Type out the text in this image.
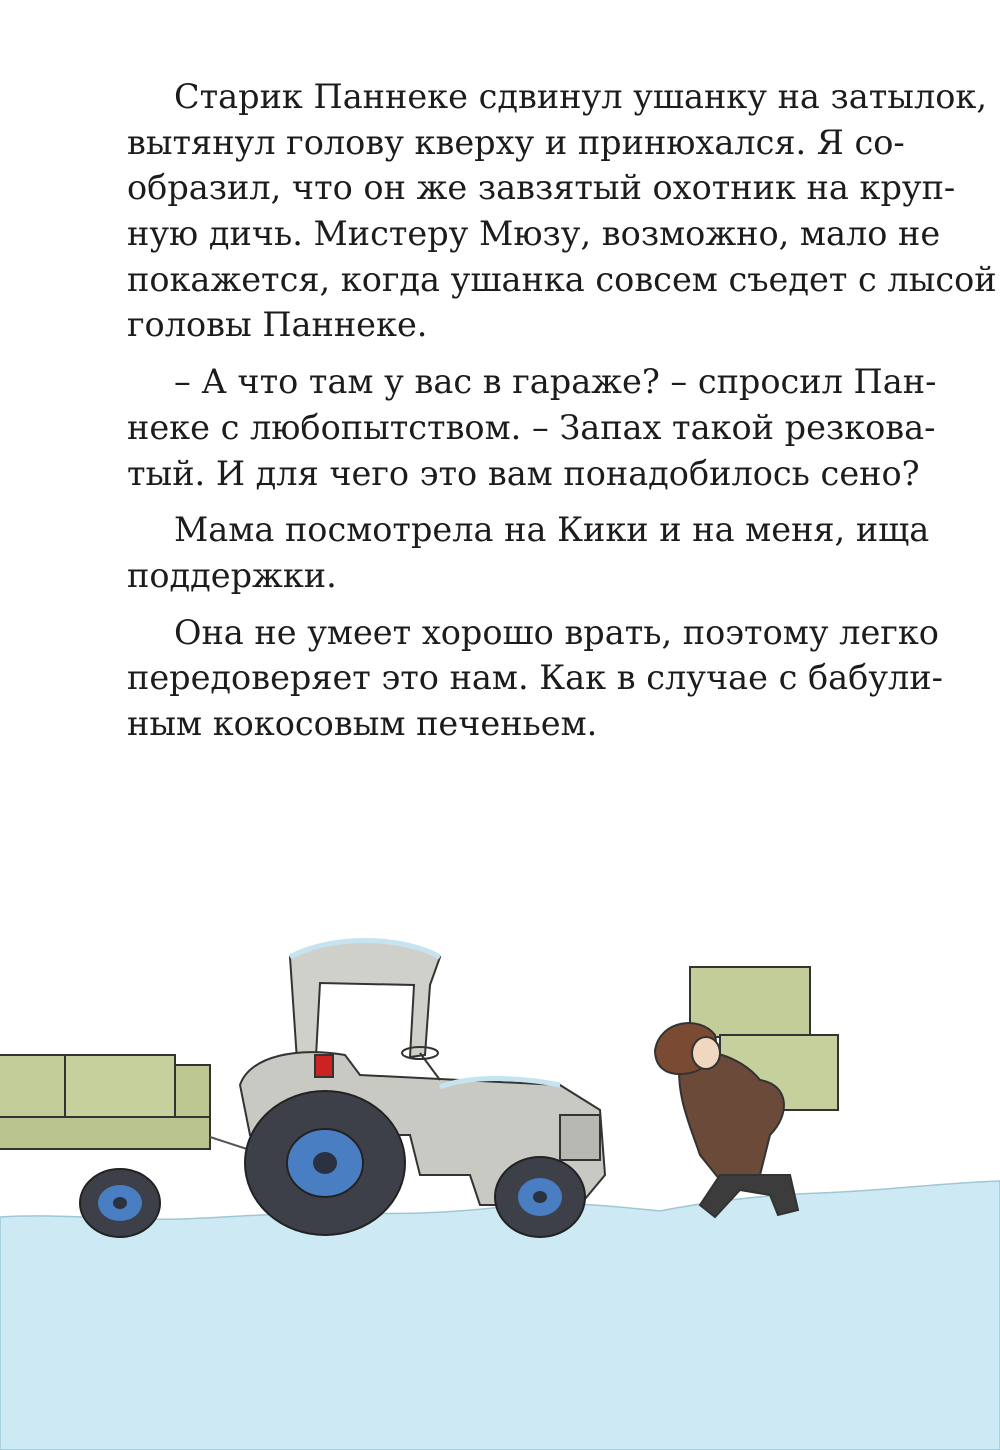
Старик Паннеке сдвинул ушанку на затылок,
вытянул голову кверху и принюхался. Я со-
образил, что он же завзятый охотник на круп-
ную дичь. Мистеру Мюзу, возможно, мало не
покажется, когда ушанка совсем съедет с лысой
головы Паннеке.
– А что там у вас в гараже? – спросил Пан-
неке с любопытством. – Запах такой резкова-
тый. И для чего это вам понадобилось сено?
Мама посмотрела на Кики и на меня, ища
поддержки.
Она не умеет хорошо врать, поэтому легко
передоверяет это нам. Как в случае с бабули-
ным кокосовым печеньем.
